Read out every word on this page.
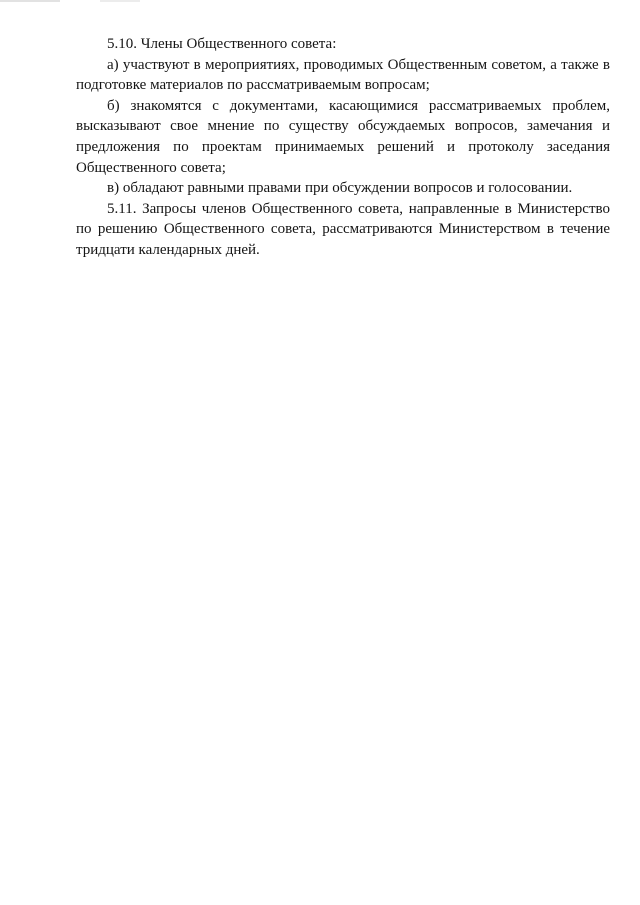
5.10. Члены Общественного совета:

а) участвуют в мероприятиях, проводимых Общественным советом, а также в подготовке материалов по рассматриваемым вопросам;

б) знакомятся с документами, касающимися рассматриваемых проблем, высказывают свое мнение по существу обсуждаемых вопросов, замечания и предложения по проектам принимаемых решений и протоколу заседания Общественного совета;

в) обладают равными правами при обсуждении вопросов и голосовании.

5.11. Запросы членов Общественного совета, направленные в Министерство по решению Общественного совета, рассматриваются Министерством в течение тридцати календарных дней.
